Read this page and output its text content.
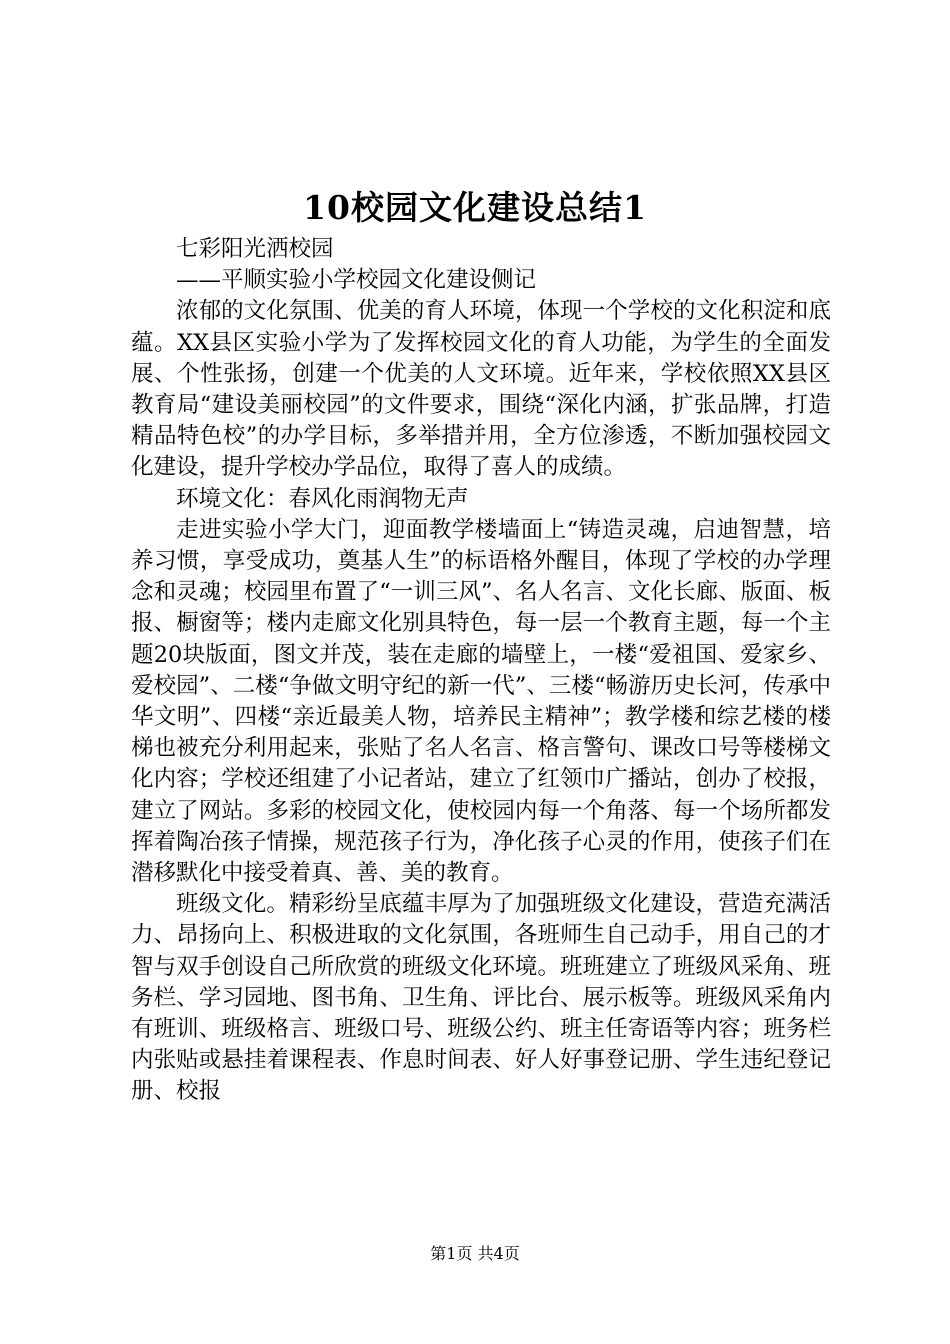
10校园文化建设总结1

七彩阳光洒校园

——平顺实验小学校园文化建设侧记

浓郁的文化氛围、优美的育人环境，体现一个学校的文化积淀和底蕴。XX县区实验小学为了发挥校园文化的育人功能，为学生的全面发展、个性张扬，创建一个优美的人文环境。近年来，学校依照XX县区教育局“建设美丽校园”的文件要求，围绕“深化内涵，扩张品牌，打造精品特色校”的办学目标，多举措并用，全方位渗透，不断加强校园文化建设，提升学校办学品位，取得了喜人的成绩。

环境文化：春风化雨润物无声

走进实验小学大门，迎面教学楼墙面上“铸造灵魂，启迪智慧，培养习惯，享受成功，奠基人生”的标语格外醒目，体现了学校的办学理念和灵魂；校园里布置了“一训三风”、名人名言、文化长廊、版面、板报、橱窗等；楼内走廊文化别具特色，每一层一个教育主题，每一个主题20块版面，图文并茂，装在走廊的墙壁上，一楼“爱祖国、爱家乡、爱校园”、二楼“争做文明守纪的新一代”、三楼“畅游历史长河，传承中华文明”、四楼“亲近最美人物，培养民主精神”；教学楼和综艺楼的楼梯也被充分利用起来，张贴了名人名言、格言警句、课改口号等楼梯文化内容；学校还组建了小记者站，建立了红领巾广播站，创办了校报，建立了网站。多彩的校园文化，使校园内每一个角落、每一个场所都发挥着陶冶孩子情操，规范孩子行为，净化孩子心灵的作用，使孩子们在潜移默化中接受着真、善、美的教育。

班级文化。精彩纷呈底蕴丰厚为了加强班级文化建设，营造充满活力、昂扬向上、积极进取的文化氛围，各班师生自己动手，用自己的才智与双手创设自己所欣赏的班级文化环境。班班建立了班级风采角、班务栏、学习园地、图书角、卫生角、评比台、展示板等。班级风采角内有班训、班级格言、班级口号、班级公约、班主任寄语等内容；班务栏内张贴或悬挂着课程表、作息时间表、好人好事登记册、学生违纪登记册、校报

第1页 共4页
